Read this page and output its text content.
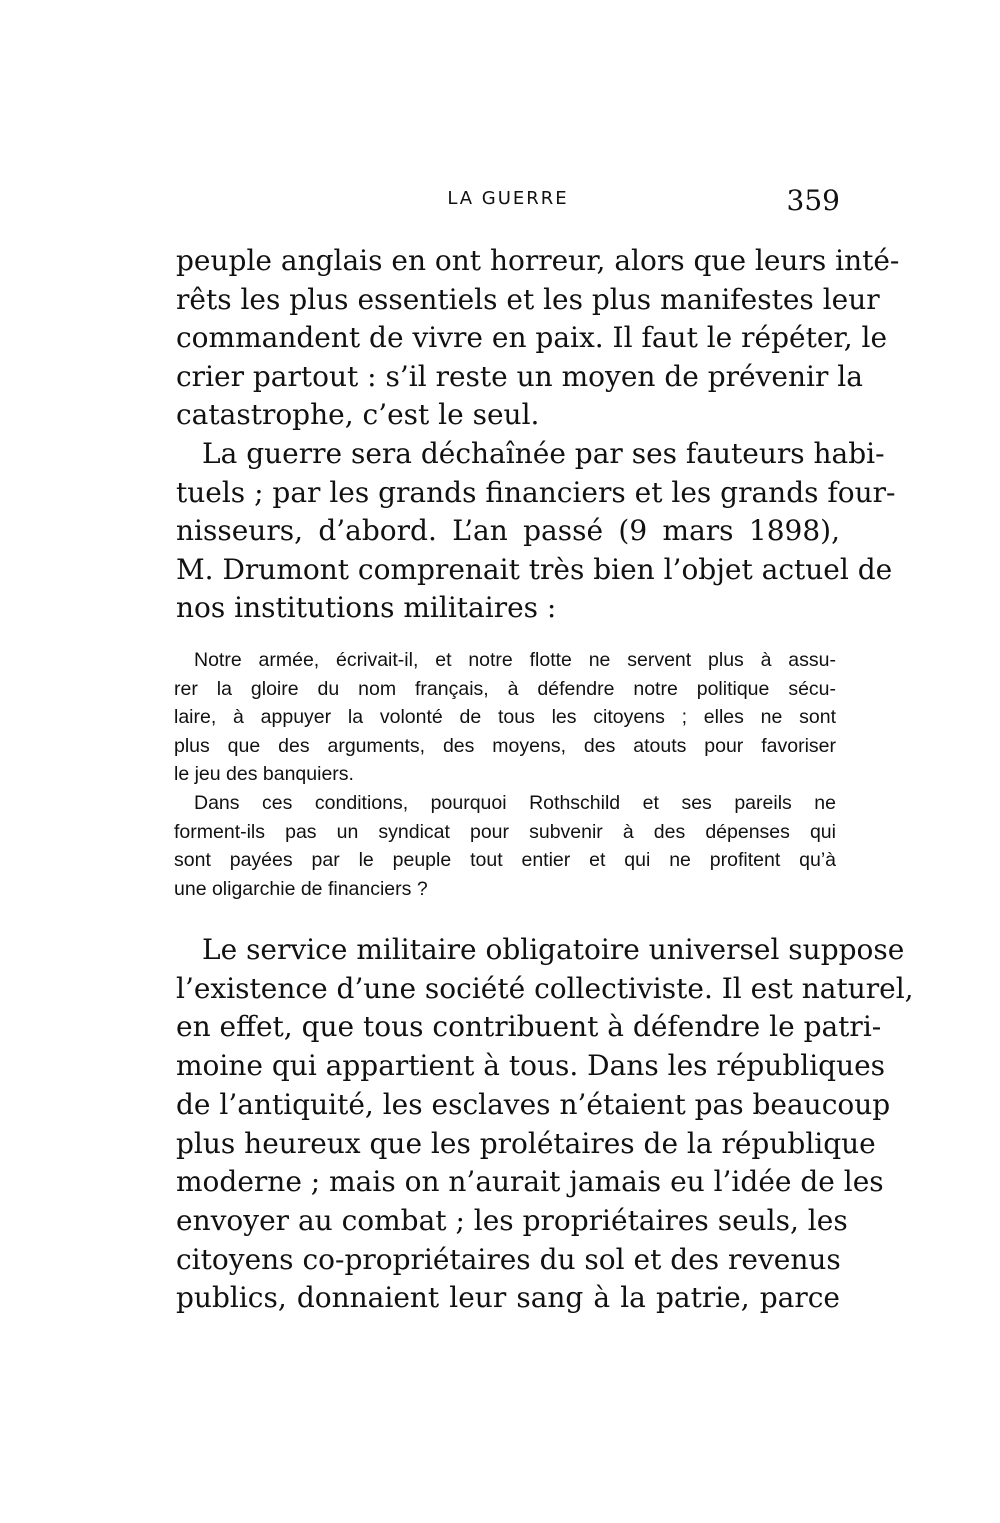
LA GUERRE	359
peuple anglais en ont horreur, alors que leurs inté-
rêts les plus essentiels et les plus manifestes leur
commandent de vivre en paix. Il faut le répéter, le
crier partout : s’il reste un moyen de prévenir la
catastrophe, c’est le seul.
La guerre sera déchaînée par ses fauteurs habi-
tuels ; par les grands financiers et les grands four-
nisseurs, d’abord. L’an passé (9 mars 1898),
M. Drumont comprenait très bien l’objet actuel de
nos institutions militaires :
Notre armée, écrivait-il, et notre flotte ne servent plus à assu-
rer la gloire du nom français, à défendre notre politique sécu-
laire, à appuyer la volonté de tous les citoyens ; elles ne sont
plus que des arguments, des moyens, des atouts pour favoriser
le jeu des banquiers.
Dans ces conditions, pourquoi Rothschild et ses pareils ne
forment-ils pas un syndicat pour subvenir à des dépenses qui
sont payées par le peuple tout entier et qui ne profitent qu’à
une oligarchie de financiers ?
Le service militaire obligatoire universel suppose
l’existence d’une société collectiviste. Il est naturel,
en effet, que tous contribuent à défendre le patri-
moine qui appartient à tous. Dans les républiques
de l’antiquité, les esclaves n’étaient pas beaucoup
plus heureux que les prolétaires de la république
moderne ; mais on n’aurait jamais eu l’idée de les
envoyer au combat ; les propriétaires seuls, les
citoyens co-propriétaires du sol et des revenus
publics, donnaient leur sang à la patrie, parce
